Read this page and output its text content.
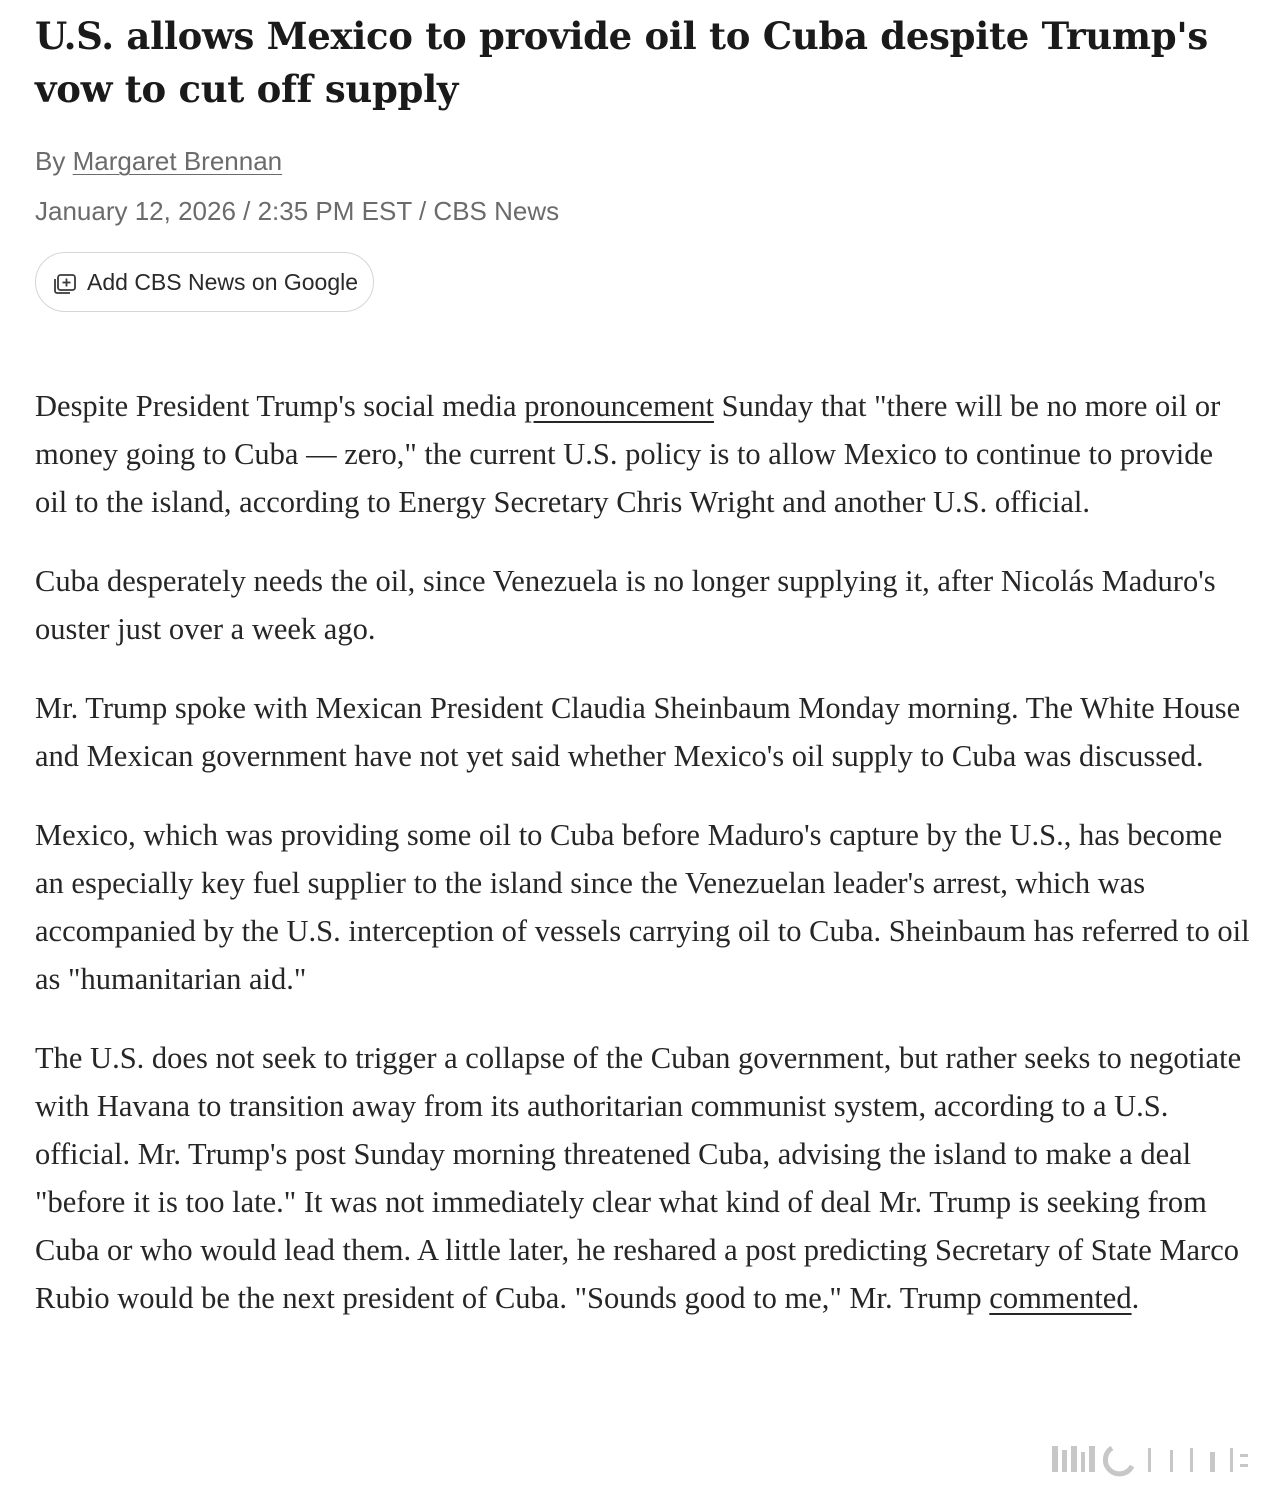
U.S. allows Mexico to provide oil to Cuba despite Trump's vow to cut off supply
By Margaret Brennan
January 12, 2026 / 2:35 PM EST / CBS News
Add CBS News on Google

Despite President Trump's social media pronouncement Sunday that "there will be no more oil or money going to Cuba — zero," the current U.S. policy is to allow Mexico to continue to provide oil to the island, according to Energy Secretary Chris Wright and another U.S. official.

Cuba desperately needs the oil, since Venezuela is no longer supplying it, after Nicolás Maduro's ouster just over a week ago.

Mr. Trump spoke with Mexican President Claudia Sheinbaum Monday morning. The White House and Mexican government have not yet said whether Mexico's oil supply to Cuba was discussed.

Mexico, which was providing some oil to Cuba before Maduro's capture by the U.S., has become an especially key fuel supplier to the island since the Venezuelan leader's arrest, which was accompanied by the U.S. interception of vessels carrying oil to Cuba. Sheinbaum has referred to oil as "humanitarian aid."

The U.S. does not seek to trigger a collapse of the Cuban government, but rather seeks to negotiate with Havana to transition away from its authoritarian communist system, according to a U.S. official. Mr. Trump's post Sunday morning threatened Cuba, advising the island to make a deal "before it is too late." It was not immediately clear what kind of deal Mr. Trump is seeking from Cuba or who would lead them. A little later, he reshared a post predicting Secretary of State Marco Rubio would be the next president of Cuba. "Sounds good to me," Mr. Trump commented.
